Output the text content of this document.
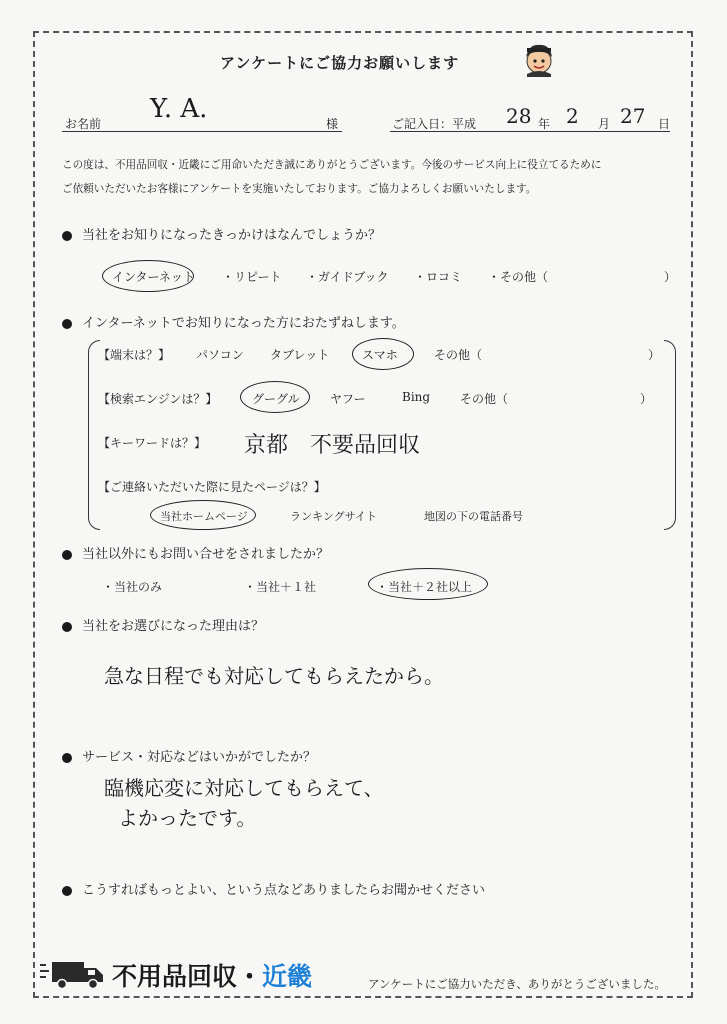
アンケートにご協力お願いします
お名前 Y. A.	様	ご記入日：平成 28 年 2 月 27 日
この度は、不用品回収・近畿にご用命いただき誠にありがとうございます。今後のサービス向上に役立てるために
ご依頼いただいたお客様にアンケートを実施いたしております。ご協力よろしくお願いいたします。
当社をお知りになったきっかけはなんでしょうか？
インターネット ・リピート ・ガイドブック ・ロコミ ・その他（	）
インターネットでお知りになった方におたずねします。
【端末は？】 パソコン タブレット	スマホ	その他（	）
【検索エンジンは？】	グーグル	ヤフー	Bing その他（	）
【キーワードは？】 京都　不要品回収
【ご連絡いただいた際に見たページは？】
当社ホームページ	ランキングサイト	地図の下の電話番号
当社以外にもお問い合せをされましたか？
・当社のみ	・当社＋１社	・当社＋２社以上
当社をお選びになった理由は？
急な日程でも対応してもらえたから。
サービス・対応などはいかがでしたか？
臨機応変に対応してもらえて、
よかったです。
こうすればもっとよい、という点などありましたらお聞かせください
不用品回収・近畿	アンケートにご協力いただき、ありがとうございました。
